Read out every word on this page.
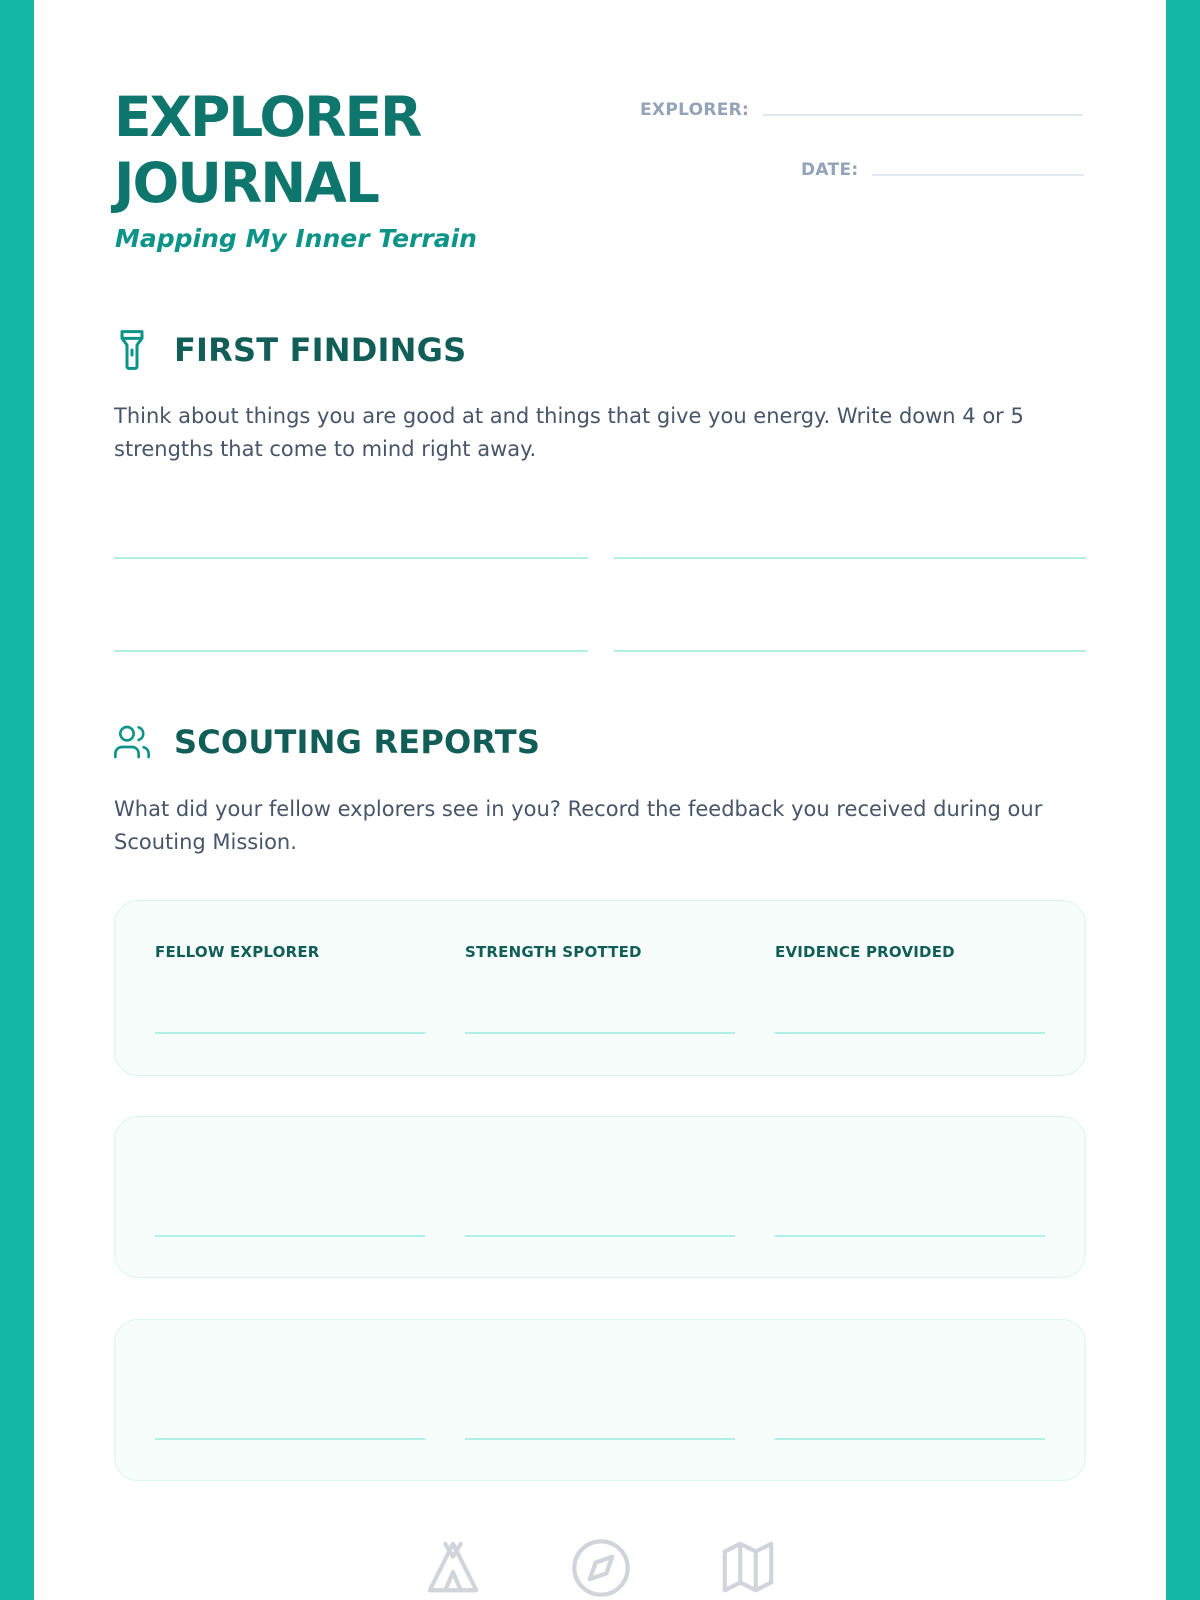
EXPLORER
JOURNAL
Mapping My Inner Terrain
EXPLORER:
DATE:
FIRST FINDINGS

Think about things you are good at and things that give you energy. Write down 4 or 5 strengths that come to mind right away.

SCOUTING REPORTS

What did your fellow explorers see in you? Record the feedback you received during our Scouting Mission.

FELLOW EXPLORER	STRENGTH SPOTTED	EVIDENCE PROVIDED
